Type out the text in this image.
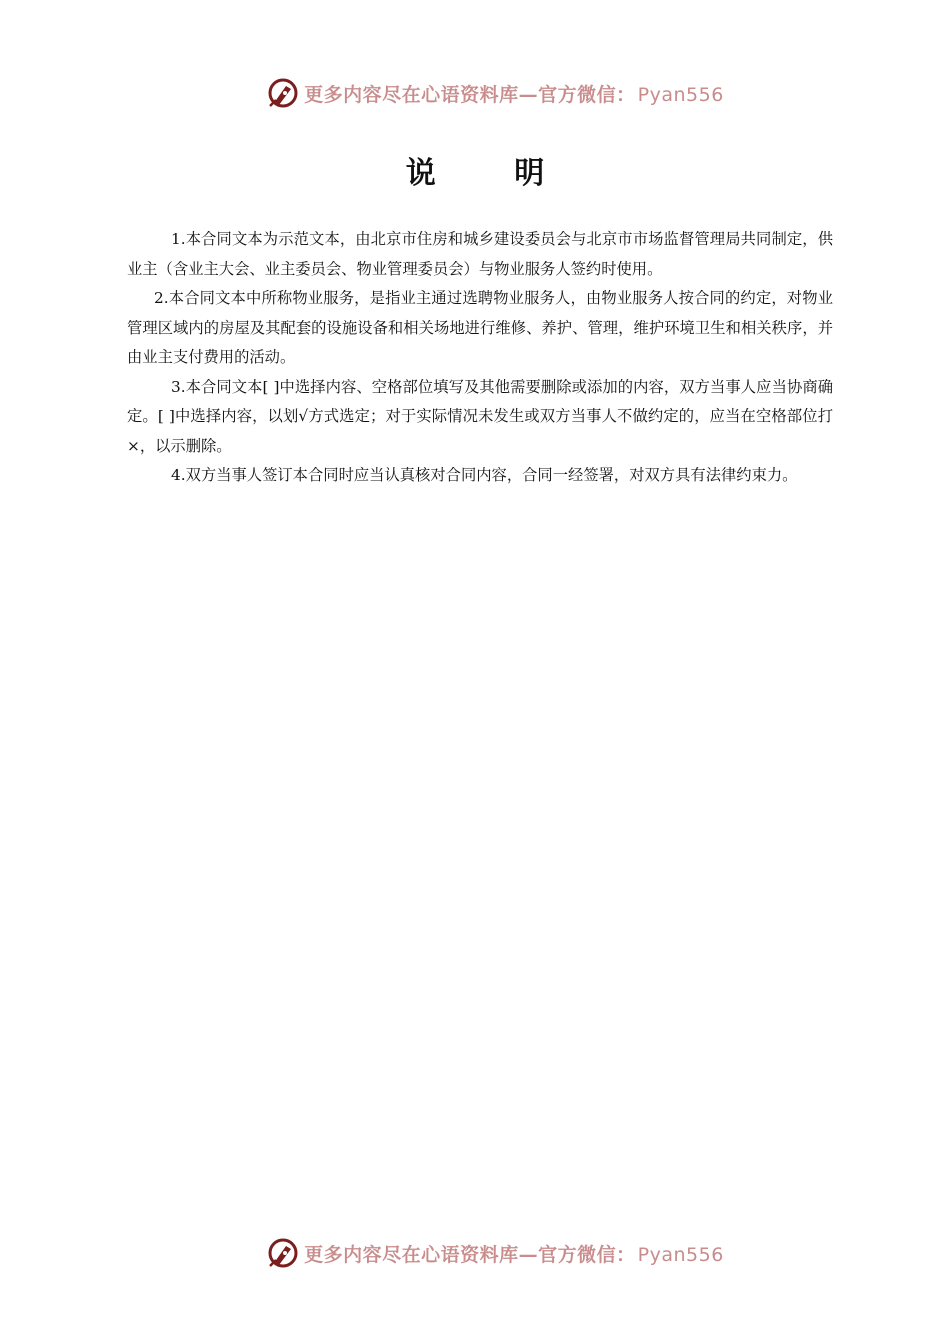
更多内容尽在心语资料库—官方微信： Pyan556
说 明

1.本合同文本为示范文本，由北京市住房和城乡建设委员会与北京市市场监督管理局共同制定，供业主（含业主大会、业主委员会、物业管理委员会）与物业服务人签约时使用。

2.本合同文本中所称物业服务，是指业主通过选聘物业服务人，由物业服务人按合同的约定，对物业管理区域内的房屋及其配套的设施设备和相关场地进行维修、养护、管理，维护环境卫生和相关秩序，并由业主支付费用的活动。

3.本合同文本[ ]中选择内容、空格部位填写及其他需要删除或添加的内容，双方当事人应当协商确定。[ ]中选择内容，以划√方式选定；对于实际情况未发生或双方当事人不做约定的，应当在空格部位打×，以示删除。

4.双方当事人签订本合同时应当认真核对合同内容，合同一经签署，对双方具有法律约束力。

更多内容尽在心语资料库—官方微信： Pyan556
